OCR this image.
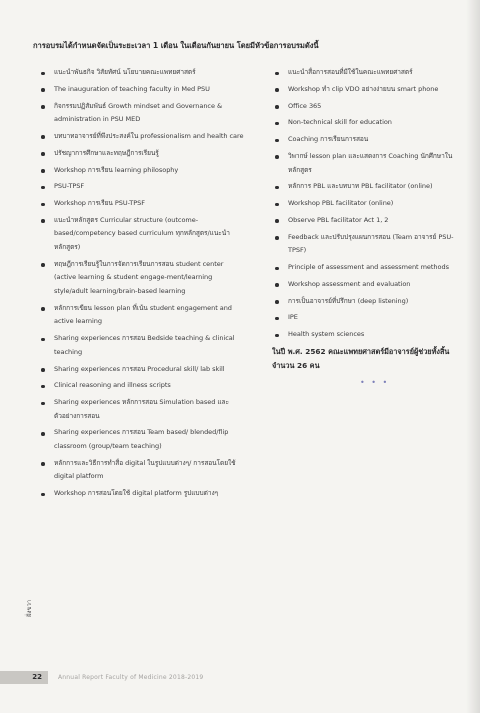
การอบรมได้กำหนดจัดเป็นระยะเวลา 1 เดือน ในเดือนกันยายน โดยมีหัวข้อการอบรมดังนี้
แนะนำพันธกิจ วิสัยทัศน์ นโยบายคณะแพทยศาสตร์
The inauguration of teaching faculty in Med PSU
กิจกรรมปฏิสัมพันธ์ Growth mindset and Governance & administration in PSU MED
บทบาทอาจารย์ที่พึงประสงค์ใน professionalism and health care
ปรัชญาการศึกษาและทฤษฎีการเรียนรู้
Workshop การเรียน learning philosophy
PSU-TPSF
Workshop การเรียน PSU-TPSF
แนะนำหลักสูตร Curricular structure (outcome-based/competency based curriculum ทุกหลักสูตร/แนะนำหลักสูตร)
ทฤษฎีการเรียนรู้ในการจัดการเรียนการสอน student center (active learning & student engage-ment/learning style/adult learning/brain-based learning
หลักการเขียน lesson plan ที่เน้น student engagement and active learning
Sharing experiences การสอน Bedside teaching & clinical teaching
Sharing experiences การสอน Procedural skill/ lab skill
Clinical reasoning and illness scripts
Sharing experiences หลักการสอน Simulation based และตัวอย่างการสอน
Sharing experiences การสอน Team based/ blended/flip classroom (group/team teaching)
หลักการและวิธีการทำสื่อ digital ในรูปแบบต่างๆ/ การสอนโดยใช้ digital platform
Workshop การสอนโดยใช้ digital platform รูปแบบต่างๆ
แนะนำสื่อการสอนที่มีใช้ในคณะแพทยศาสตร์
Workshop ทำ clip VDO อย่างง่ายบน smart phone
Office 365
Non-technical skill for education
Coaching การเรียนการสอน
วิพากษ์ lesson plan และแสดงการ Coaching นักศึกษาในหลักสูตร
หลักการ PBL และบทบาท PBL facilitator (online)
Workshop PBL facilitator (online)
Observe PBL facilitator Act 1, 2
Feedback และปรับปรุงแผนการสอน (Team อาจารย์ PSU-TPSF)
Principle of assessment and assessment methods
Workshop assessment and evaluation
การเป็นอาจารย์ที่ปรึกษา (deep listening)
IPE
Health system sciences
ในปี พ.ศ. 2562 คณะแพทยศาสตร์มีอาจารย์ผู้ช่วยทั้งสิ้น จำนวน 26 คน
• • •
ฝั่งขวา
22	Annual Report Faculty of Medicine 2018-2019
